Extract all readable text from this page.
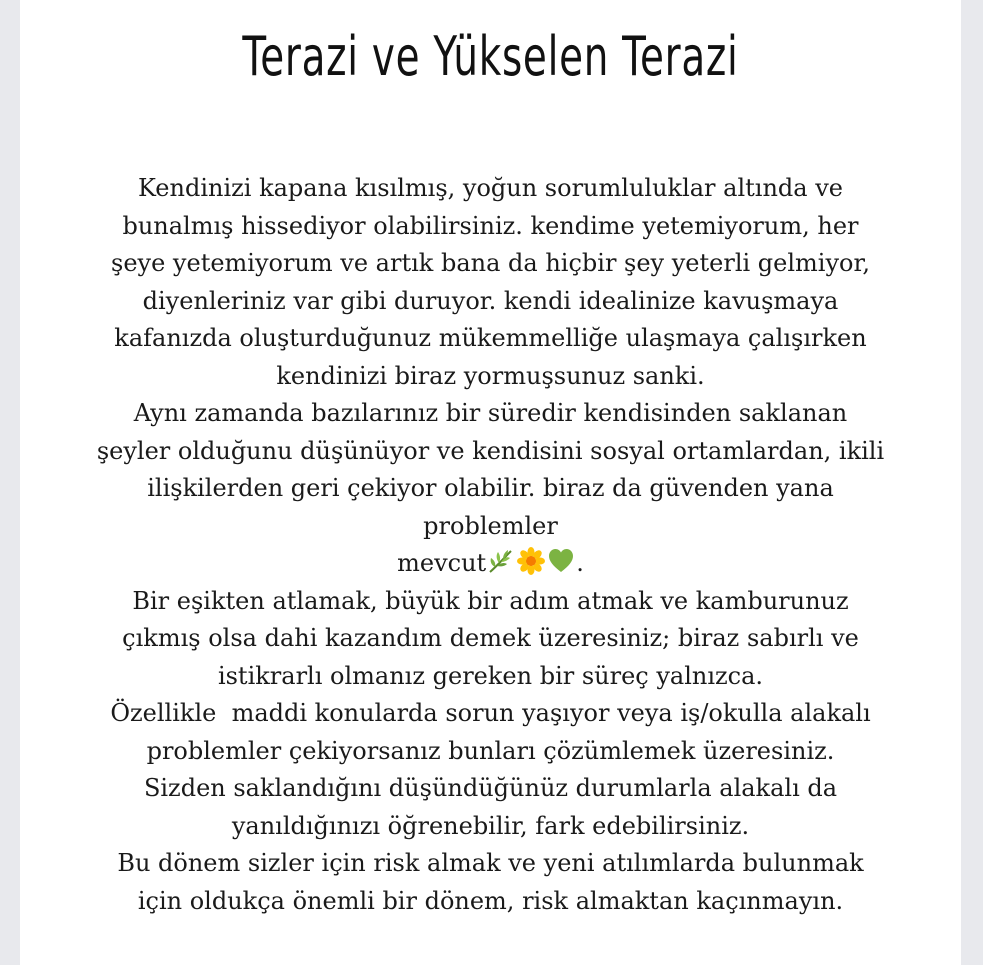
Terazi ve Yükselen Terazi
Kendinizi kapana kısılmış, yoğun sorumluluklar altında ve
bunalmış hissediyor olabilirsiniz. kendime yetemiyorum, her
şeye yetemiyorum ve artık bana da hiçbir şey yeterli gelmiyor,
diyenleriniz var gibi duruyor. kendi idealinize kavuşmaya
kafanızda oluşturduğunuz mükemmelliğe ulaşmaya çalışırken
kendinizi biraz yormuşsunuz sanki.
Aynı zamanda bazılarınız bir süredir kendisinden saklanan
şeyler olduğunu düşünüyor ve kendisini sosyal ortamlardan, ikili
ilişkilerden geri çekiyor olabilir. biraz da güvenden yana
problemler
mevcut	.
Bir eşikten atlamak, büyük bir adım atmak ve kamburunuz
çıkmış olsa dahi kazandım demek üzeresiniz; biraz sabırlı ve
istikrarlı olmanız gereken bir süreç yalnızca.
Özellikle  maddi konularda sorun yaşıyor veya iş/okulla alakalı
problemler çekiyorsanız bunları çözümlemek üzeresiniz.
Sizden saklandığını düşündüğünüz durumlarla alakalı da
yanıldığınızı öğrenebilir, fark edebilirsiniz.
Bu dönem sizler için risk almak ve yeni atılımlarda bulunmak
için oldukça önemli bir dönem, risk almaktan kaçınmayın.
